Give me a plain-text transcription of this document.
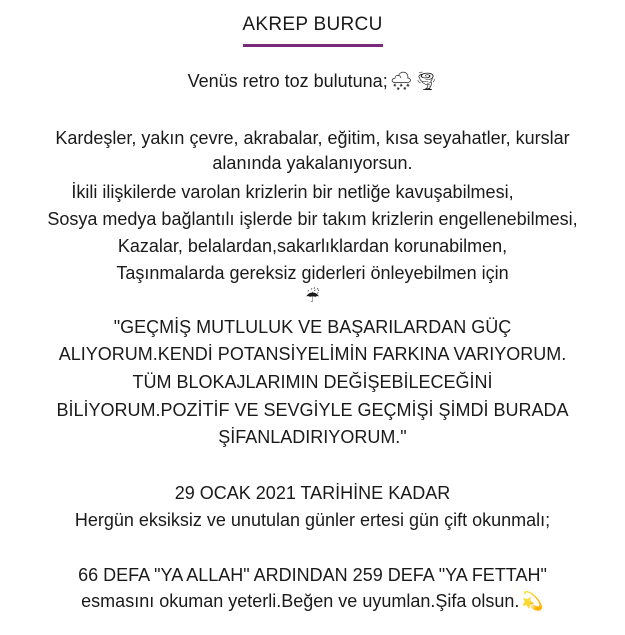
AKREP BURCU
Venüs retro toz bulutuna; 🌨 🌪
Kardeşler, yakın çevre, akrabalar, eğitim, kısa seyahatler, kurslar
alanında yakalanıyorsun.
İkili ilişkilerde varolan krizlerin bir netliğe kavuşabilmesi,
Sosya medya bağlantılı işlerde bir takım krizlerin engellenebilmesi,
Kazalar, belalardan,sakarlıklardan korunabilmen,
Taşınmalarda gereksiz giderleri önleyebilmen için
☔
"GEÇMİŞ MUTLULUK VE BAŞARILARDAN GÜÇ
ALIYORUM.KENDİ POTANSİYELİMİN FARKINA VARIYORUM.
TÜM BLOKAJLARIMIN DEĞİŞEBİLECEĞİNİ
BİLİYORUM.POZİTİF VE SEVGİYLE GEÇMİŞİ ŞİMDİ BURADA
ŞİFANLADIRIYORUM."
29 OCAK 2021 TARİHİNE KADAR
Hergün eksiksiz ve unutulan günler ertesi gün çift okunmalı;
66 DEFA "YA ALLAH" ARDINDAN 259 DEFA "YA FETTAH"
esmasını okuman yeterli.Beğen ve uyumlan.Şifa olsun. 💫
